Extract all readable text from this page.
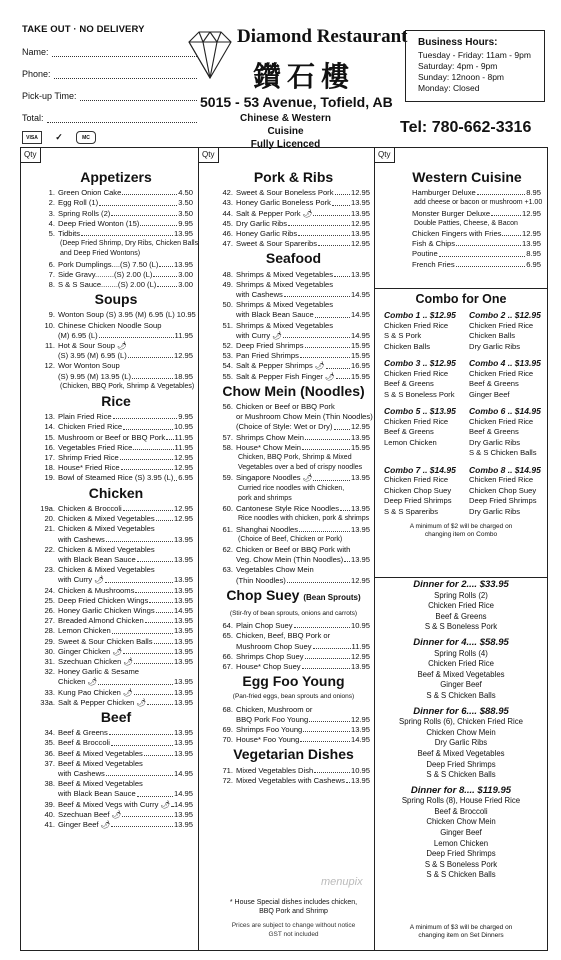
TAKE OUT · NO DELIVERY
Name:
Phone:
Pick-up Time:
Total:
VISA	✓	MC
Diamond Restaurant
鑽石樓
5015 - 53 Avenue, Tofield, AB
Chinese & Western Cuisine
Fully Licenced
Business Hours:
Tuesday - Friday: 11am - 9pm
Saturday: 4pm - 9pm
Sunday: 12noon - 8pm
Monday: Closed
Tel: 780-662-3316
Qty	Qty	Qty
Appetizers
1. Green Onion Cake	4.50
2. Egg Roll (1)	3.50
3. Spring Rolls (2)	3.50
4. Deep Fried Wonton (15)	9.95
5. Tidbits	13.95
(Deep Fried Shrimp, Dry Ribs, Chicken Balls
and Deep Fried Wontons)
6. Pork Dumplings....(S) 7.50 (L) 13.95
7. Side Gravy.........(S) 2.00 (L)	3.00
8. S & S Sauce........(S) 2.00 (L)	3.00
Soups
9. Wonton Soup (S) 3.95 (M) 6.95 (L) 10.95
10. Chinese Chicken Noodle Soup
(M) 6.95 (L)	11.95
11. Hot & Sour Soup 🌶
(S) 3.95 (M) 6.95 (L)	12.95
12. Wor Wonton Soup
(S) 9.95 (M) 13.95 (L)	18.95
(Chicken, BBQ Pork, Shrimp & Vegetables)
Rice
13. Plain Fried Rice	9.95
14. Chicken Fried Rice	10.95
15. Mushroom or Beef or BBQ Pork 11.95
16. Vegetables Fried Rice	11.95
17. Shrimp Fried Rice	12.95
18. House* Fried Rice	12.95
19. Bowl of Steamed Rice (S) 3.95 (L) 6.95
Chicken
19a. Chicken & Broccoli	12.95
20. Chicken & Mixed Vegetables	12.95
21. Chicken & Mixed Vegetables
with Cashews	13.95
22. Chicken & Mixed Vegetables
with Black Bean Sauce	13.95
23. Chicken & Mixed Vegetables
with Curry 🌶	13.95
24. Chicken & Mushrooms	13.95
25. Deep Fried Chicken Wings	13.95
26. Honey Garlic Chicken Wings	14.95
27. Breaded Almond Chicken	13.95
28. Lemon Chicken	13.95
29. Sweet & Sour Chicken Balls	13.95
30. Ginger Chicken 🌶	13.95
31. Szechuan Chicken 🌶	13.95
32. Honey Garlic & Sesame
Chicken 🌶	13.95
33. Kung Pao Chicken 🌶	13.95
33a. Salt & Pepper Chicken 🌶	13.95
Beef
34. Beef & Greens	13.95
35. Beef & Broccoli	13.95
36. Beef & Mixed Vegetables	13.95
37. Beef & Mixed Vegetables
with Cashews	14.95
38. Beef & Mixed Vegetables
with Black Bean Sauce	14.95
39. Beef & Mixed Vegs with Curry 🌶 14.95
40. Szechuan Beef 🌶	13.95
41. Ginger Beef 🌶	13.95
Pork & Ribs
42. Sweet & Sour Boneless Pork 12.95
43. Honey Garlic Boneless Pork	13.95
44. Salt & Pepper Pork 🌶	13.95
45. Dry Garlic Ribs	12.95
46. Honey Garlic Ribs	13.95
47. Sweet & Sour Spareribs	12.95
Seafood
48. Shrimps & Mixed Vegetables 13.95
49. Shrimps & Mixed Vegetables
with Cashews	14.95
50. Shrimps & Mixed Vegetables
with Black Bean Sauce	14.95
51. Shrimps & Mixed Vegetables
with Curry 🌶	14.95
52. Deep Fried Shrimps	15.95
53. Pan Fried Shrimps	15.95
54. Salt & Pepper Shrimps 🌶	16.95
55. Salt & Pepper Fish Finger 🌶 15.95
Chow Mein (Noodles)
56. Chicken or Beef or BBQ Pork
or Mushroom Chow Mein (Thin Noodles)
(Choice of Style: Wet or Dry) 12.95
57. Shrimps Chow Mein	13.95
58. House* Chow Mein	15.95
Chicken, BBQ Pork, Shrimp & Mixed
Vegetables over a bed of crispy noodles
59. Singapore Noodles 🌶	13.95
Curried rice noodles with Chicken,
pork and shrimps
60. Cantonese Style Rice Noodles 13.95
Rice noodles with chicken, pork & shrimps
61. Shanghai Noodles	13.95
(Choice of Beef, Chicken or Pork)
62. Chicken or Beef or BBQ Pork with
Veg. Chow Mein (Thin Noodles) 13.95
63. Vegetables Chow Mein
(Thin Noodles)	12.95
Chop Suey (Bean Sprouts)
(Stir-fry of bean sprouts, onions and carrots)
64. Plain Chop Suey	10.95
65. Chicken, Beef, BBQ Pork or
Mushroom Chop Suey	11.95
66. Shrimps Chop Suey	12.95
67. House* Chop Suey	13.95
Egg Foo Young
(Pan-fried eggs, bean sprouts and onions)
68. Chicken, Mushroom or
BBQ Pork Foo Young	12.95
69. Shrimps Foo Young	13.95
70. House* Foo Young	14.95
Vegetarian Dishes
71. Mixed Vegetables Dish	10.95
72. Mixed Vegetables with Cashews 13.95
* House Special dishes includes chicken,
BBQ Pork and Shrimp
Prices are subject to change without notice
GST not included
Western Cuisine
Hamburger Deluxe	8.95
add cheese or bacon or mushroom +1.00
Monster Burger Deluxe	12.95
Double Patties, Cheese, & Bacon
Chicken Fingers with Fries	12.95
Fish & Chips	13.95
Poutine	8.95
French Fries	6.95
Combo for One
Combo 1 .. $12.95
Chicken Fried Rice
S & S Pork
Chicken Balls
Combo 2 .. $12.95
Chicken Fried Rice
Chicken Balls
Dry Garlic Ribs
Combo 3 .. $12.95
Chicken Fried Rice
Beef & Greens
S & S Boneless Pork
Combo 4 .. $13.95
Chicken Fried Rice
Beef & Greens
Ginger Beef
Combo 5 .. $13.95
Chicken Fried Rice
Beef & Greens
Lemon Chicken
Combo 6 .. $14.95
Chicken Fried Rice
Beef & Greens
Dry Garlic Ribs
S & S Chicken Balls
Combo 7 .. $14.95
Chicken Fried Rice
Chicken Chop Suey
Deep Fried Shrimps
S & S Spareribs
Combo 8 .. $14.95
Chicken Fried Rice
Chicken Chop Suey
Deep Fried Shrimps
Dry Garlic Ribs
A minimum of $2 will be charged on
changing item on Combo
Dinner for 2.... $33.95
Spring Rolls (2)
Chicken Fried Rice
Beef & Greens
S & S Boneless Pork
Dinner for 4.... $58.95
Spring Rolls (4)
Chicken Fried Rice
Beef & Mixed Vegetables
Ginger Beef
S & S Chicken Balls
Dinner for 6.... $88.95
Spring Rolls (6), Chicken Fried Rice
Chicken Chow Mein
Dry Garlic Ribs
Beef & Mixed Vegetables
Deep Fried Shrimps
S & S Chicken Balls
Dinner for 8.... $119.95
Spring Rolls (8), House Fried Rice
Beef & Broccoli
Chicken Chow Mein
Ginger Beef
Lemon Chicken
Deep Fried Shrimps
S & S Boneless Pork
S & S Chicken Balls
A minimum of $3 will be charged on
changing item on Set Dinners
menupix
